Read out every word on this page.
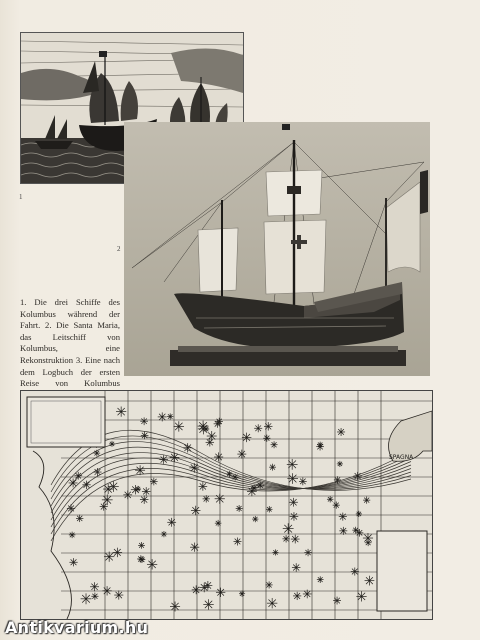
1
2

1. Die drei Schiffe des Kolumbus während der Fahrt. 2. Die Santa Maria, das Leitschiff von Kolumbus, eine Rekonstruktion 3. Eine nach dem Logbuch der ersten Reise von Kolumbus

SPAGNA
Antikvarium.hu
